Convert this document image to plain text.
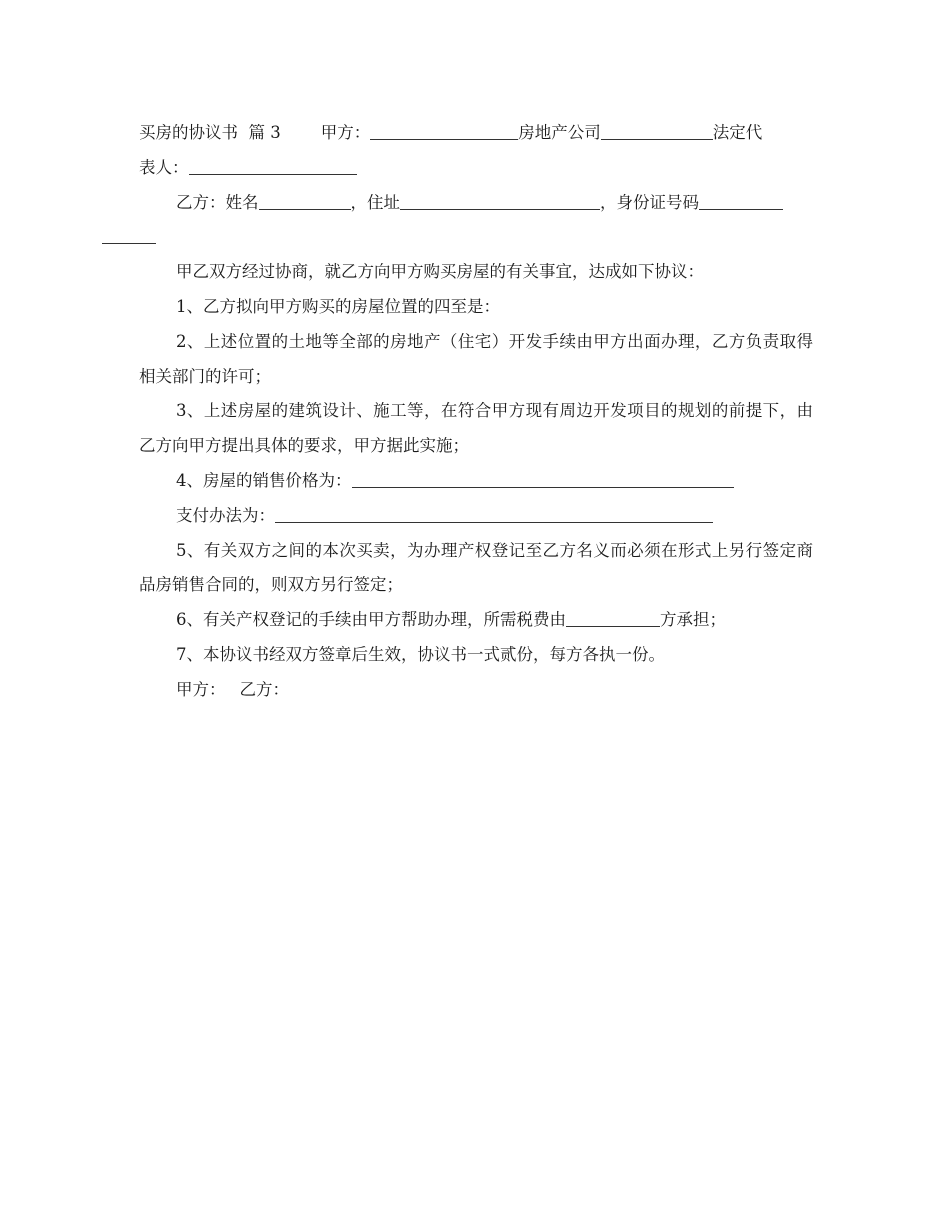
买房的协议书  篇 3 甲方：	房地产公司	法定代
表人：

乙方：姓名	，住址	，身份证号码

甲乙双方经过协商，就乙方向甲方购买房屋的有关事宜，达成如下协议：

1、乙方拟向甲方购买的房屋位置的四至是：

2、上述位置的土地等全部的房地产（住宅）开发手续由甲方出面办理，乙方负责取得相关部门的许可；

3、上述房屋的建筑设计、施工等，在符合甲方现有周边开发项目的规划的前提下，由乙方向甲方提出具体的要求，甲方据此实施；

4、房屋的销售价格为：

支付办法为：

5、有关双方之间的本次买卖，为办理产权登记至乙方名义而必须在形式上另行签定商品房销售合同的，则双方另行签定；

6、有关产权登记的手续由甲方帮助办理，所需税费由	方承担；

7、本协议书经双方签章后生效，协议书一式贰份，每方各执一份。

甲方： 乙方：
